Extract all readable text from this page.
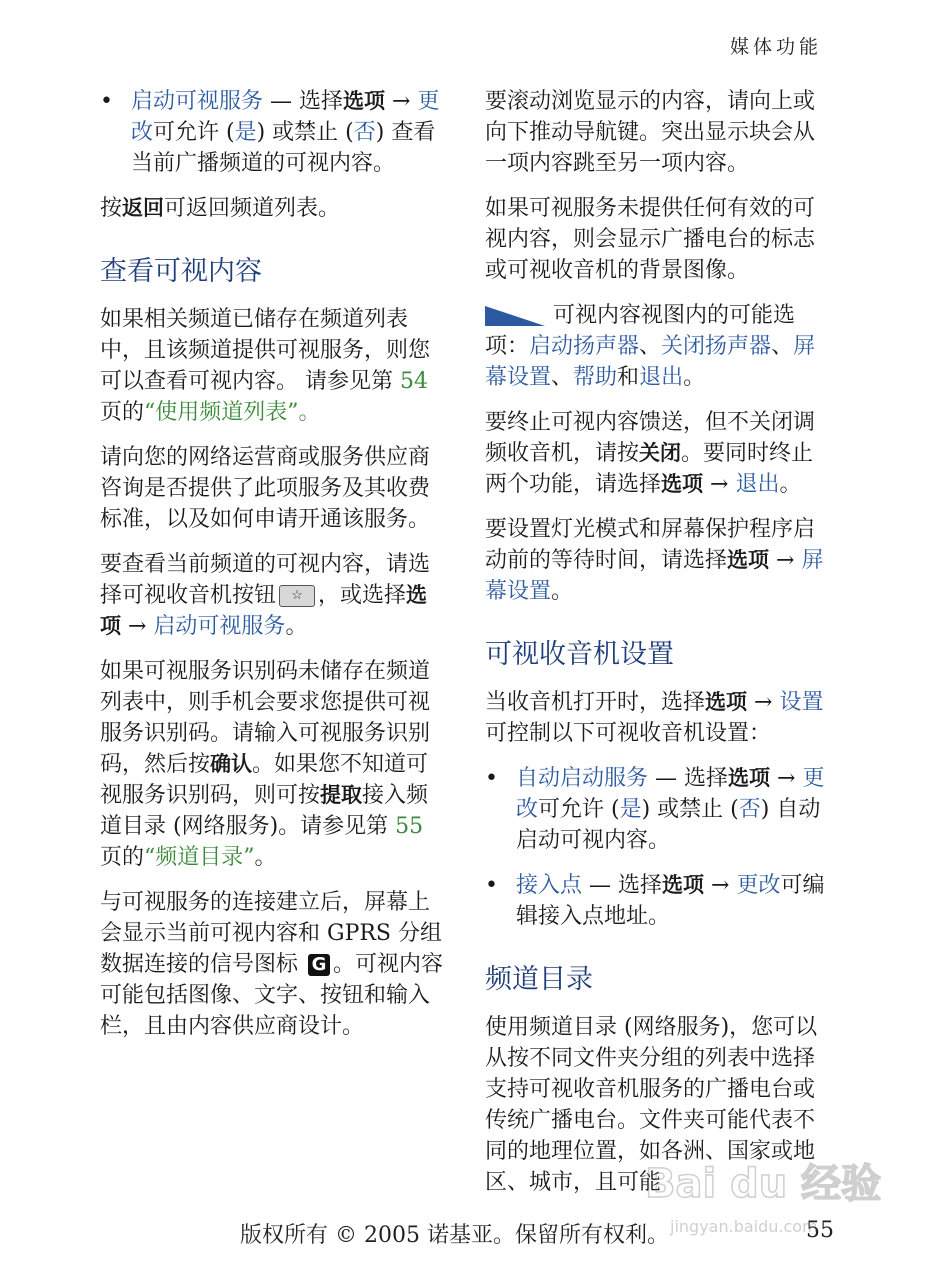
媒体功能
• 启动可视服务 — 选择选项 → 更改可允许 (是) 或禁止 (否) 查看当前广播频道的可视内容。

按返回可返回频道列表。

查看可视内容

如果相关频道已储存在频道列表中，且该频道提供可视服务，则您可以查看可视内容。 请参见第 54 页的“使用频道列表”。

请向您的网络运营商或服务供应商咨询是否提供了此项服务及其收费标准，以及如何申请开通该服务。

要查看当前频道的可视内容，请选择可视收音机按钮 ☆ ，或选择选项 → 启动可视服务。

如果可视服务识别码未储存在频道列表中，则手机会要求您提供可视服务识别码。请输入可视服务识别码，然后按确认。如果您不知道可视服务识别码，则可按提取接入频道目录 (网络服务)。请参见第 55 页的“频道目录”。

与可视服务的连接建立后，屏幕上会显示当前可视内容和 GPRS 分组数据连接的信号图标 G 。可视内容可能包括图像、文字、按钮和输入栏，且由内容供应商设计。

要滚动浏览显示的内容，请向上或向下推动导航键。突出显示块会从一项内容跳至另一项内容。

如果可视服务未提供任何有效的可视内容，则会显示广播电台的标志或可视收音机的背景图像。

可视内容视图内的可能选项：启动扬声器、关闭扬声器、屏幕设置、帮助和退出。

要终止可视内容馈送，但不关闭调频收音机，请按关闭。要同时终止两个功能，请选择选项 → 退出。

要设置灯光模式和屏幕保护程序启动前的等待时间，请选择选项 → 屏幕设置。

可视收音机设置

当收音机打开时，选择选项 → 设置可控制以下可视收音机设置：

• 自动启动服务 — 选择选项 → 更改可允许 (是) 或禁止 (否) 自动启动可视内容。
• 接入点 — 选择选项 → 更改可编辑接入点地址。
频道目录

使用频道目录 (网络服务)，您可以从按不同文件夹分组的列表中选择支持可视收音机服务的广播电台或传统广播电台。文件夹可能代表不同的地理位置，如各洲、国家或地区、城市，且可能

版权所有 © 2005 诺基亚。保留所有权利。	55
Bai du 经验
jingyan.baidu.com
